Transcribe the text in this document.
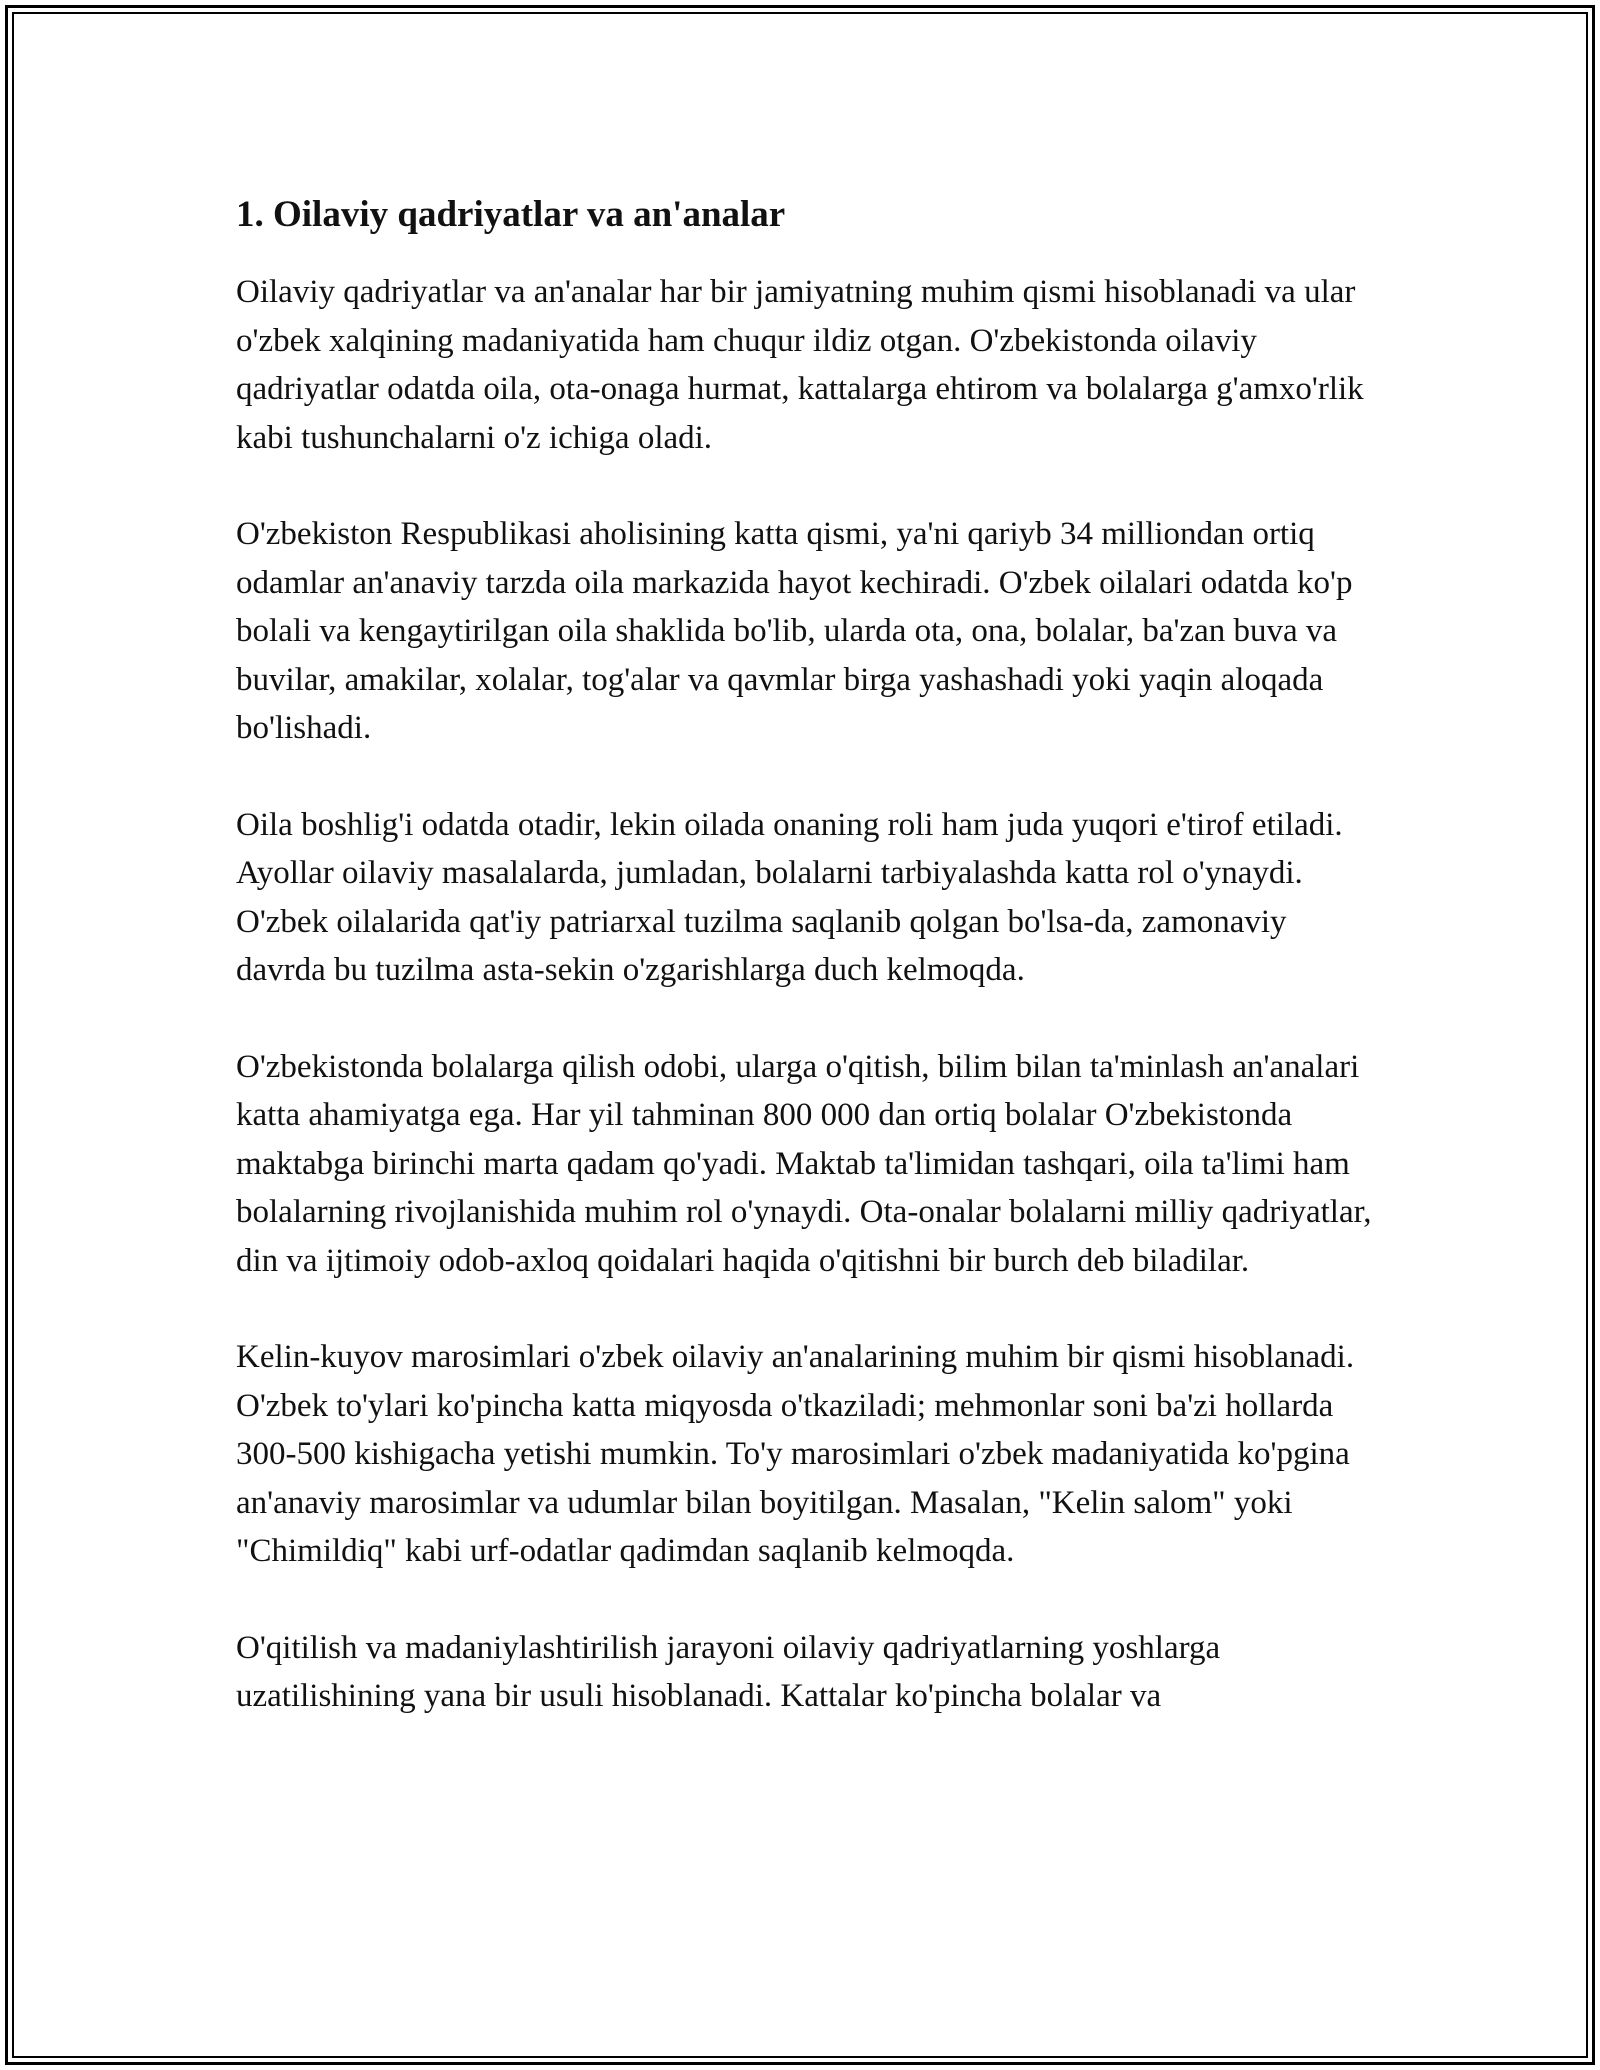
1. Oilaviy qadriyatlar va an'analar

Oilaviy qadriyatlar va an'analar har bir jamiyatning muhim qismi hisoblanadi va ular o'zbek xalqining madaniyatida ham chuqur ildiz otgan. O'zbekistonda oilaviy qadriyatlar odatda oila, ota-onaga hurmat, kattalarga ehtirom va bolalarga g'amxo'rlik kabi tushunchalarni o'z ichiga oladi.

O'zbekiston Respublikasi aholisining katta qismi, ya'ni qariyb 34 milliondan ortiq odamlar an'anaviy tarzda oila markazida hayot kechiradi. O'zbek oilalari odatda ko'p bolali va kengaytirilgan oila shaklida bo'lib, ularda ota, ona, bolalar, ba'zan buva va buvilar, amakilar, xolalar, tog'alar va qavmlar birga yashashadi yoki yaqin aloqada bo'lishadi.

Oila boshlig'i odatda otadir, lekin oilada onaning roli ham juda yuqori e'tirof etiladi. Ayollar oilaviy masalalarda, jumladan, bolalarni tarbiyalashda katta rol o'ynaydi. O'zbek oilalarida qat'iy patriarxal tuzilma saqlanib qolgan bo'lsa-da, zamonaviy davrda bu tuzilma asta-sekin o'zgarishlarga duch kelmoqda.

O'zbekistonda bolalarga qilish odobi, ularga o'qitish, bilim bilan ta'minlash an'analari katta ahamiyatga ega. Har yil tahminan 800 000 dan ortiq bolalar O'zbekistonda maktabga birinchi marta qadam qo'yadi. Maktab ta'limidan tashqari, oila ta'limi ham bolalarning rivojlanishida muhim rol o'ynaydi. Ota-onalar bolalarni milliy qadriyatlar, din va ijtimoiy odob-axloq qoidalari haqida o'qitishni bir burch deb biladilar.

Kelin-kuyov marosimlari o'zbek oilaviy an'analarining muhim bir qismi hisoblanadi. O'zbek to'ylari ko'pincha katta miqyosda o'tkaziladi; mehmonlar soni ba'zi hollarda 300-500 kishigacha yetishi mumkin. To'y marosimlari o'zbek madaniyatida ko'pgina an'anaviy marosimlar va udumlar bilan boyitilgan. Masalan, "Kelin salom" yoki "Chimildiq" kabi urf-odatlar qadimdan saqlanib kelmoqda.

O'qitilish va madaniylashtirilish jarayoni oilaviy qadriyatlarning yoshlarga uzatilishining yana bir usuli hisoblanadi. Kattalar ko'pincha bolalar va
